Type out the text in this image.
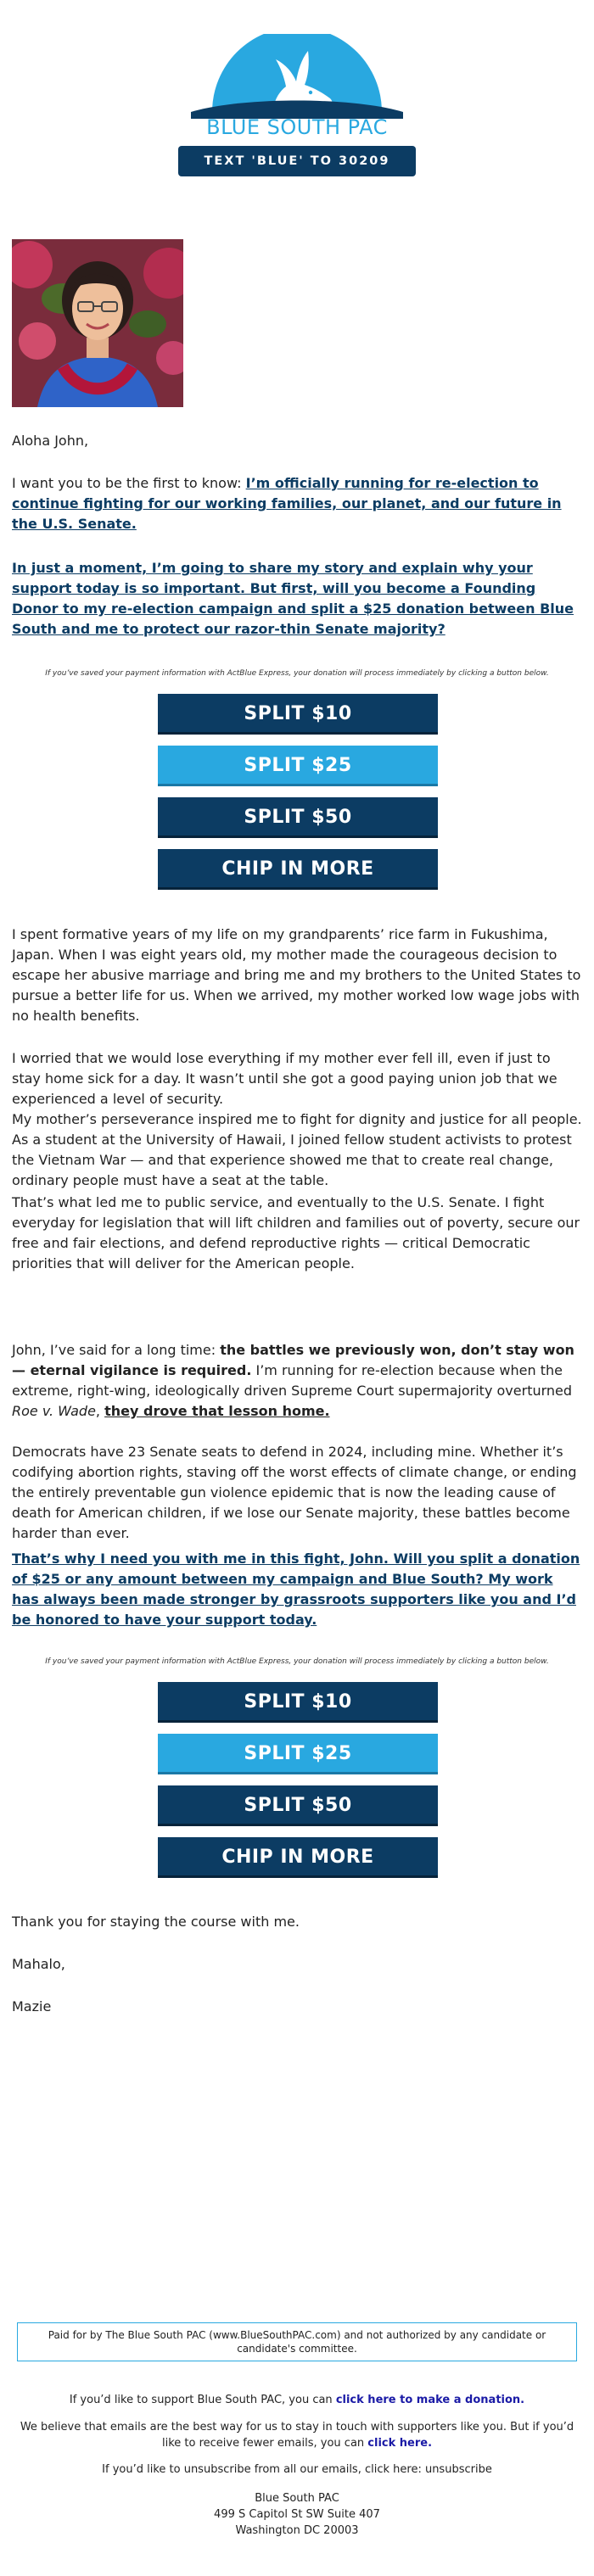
BLUE SOUTH PAC
TEXT 'BLUE' TO 30209
Aloha John,

I want you to be the first to know: I’m officially running for re-election to continue fighting for our working families, our planet, and our future in the U.S. Senate.

In just a moment, I’m going to share my story and explain why your support today is so important. But first, will you become a Founding Donor to my re-election campaign and split a $25 donation between Blue South and me to protect our razor-thin Senate majority?

If you’ve saved your payment information with ActBlue Express, your donation will process immediately by clicking a button below.
SPLIT $10
SPLIT $25
SPLIT $50
CHIP IN MORE
I spent formative years of my life on my grandparents’ rice farm in Fukushima, Japan. When I was eight years old, my mother made the courageous decision to escape her abusive marriage and bring me and my brothers to the United States to pursue a better life for us. When we arrived, my mother worked low wage jobs with no health benefits.
I worried that we would lose everything if my mother ever fell ill, even if just to stay home sick for a day. It wasn’t until she got a good paying union job that we experienced a level of security.
My mother’s perseverance inspired me to fight for dignity and justice for all people. As a student at the University of Hawaii, I joined fellow student activists to protest the Vietnam War — and that experience showed me that to create real change, ordinary people must have a seat at the table.
That’s what led me to public service, and eventually to the U.S. Senate. I fight everyday for legislation that will lift children and families out of poverty, secure our free and fair elections, and defend reproductive rights — critical Democratic priorities that will deliver for the American people.

John, I’ve said for a long time: the battles we previously won, don’t stay won — eternal vigilance is required. I’m running for re-election because when the extreme, right-wing, ideologically driven Supreme Court supermajority overturned Roe v. Wade, they drove that lesson home.

Democrats have 23 Senate seats to defend in 2024, including mine. Whether it’s codifying abortion rights, staving off the worst effects of climate change, or ending the entirely preventable gun violence epidemic that is now the leading cause of death for American children, if we lose our Senate majority, these battles become harder than ever.

That’s why I need you with me in this fight, John. Will you split a donation of $25 or any amount between my campaign and Blue South? My work has always been made stronger by grassroots supporters like you and I’d be honored to have your support today.

If you’ve saved your payment information with ActBlue Express, your donation will process immediately by clicking a button below.
SPLIT $10
SPLIT $25
SPLIT $50
CHIP IN MORE
Thank you for staying the course with me.
Mahalo,
Mazie
Paid for by The Blue South PAC (www.BlueSouthPAC.com) and not authorized by any candidate or candidate's committee.
If you’d like to support Blue South PAC, you can click here to make a donation.
We believe that emails are the best way for us to stay in touch with supporters like you. But if you’d like to receive fewer emails, you can click here.
If you’d like to unsubscribe from all our emails, click here: unsubscribe
Blue South PAC
499 S Capitol St SW Suite 407
Washington DC 20003
